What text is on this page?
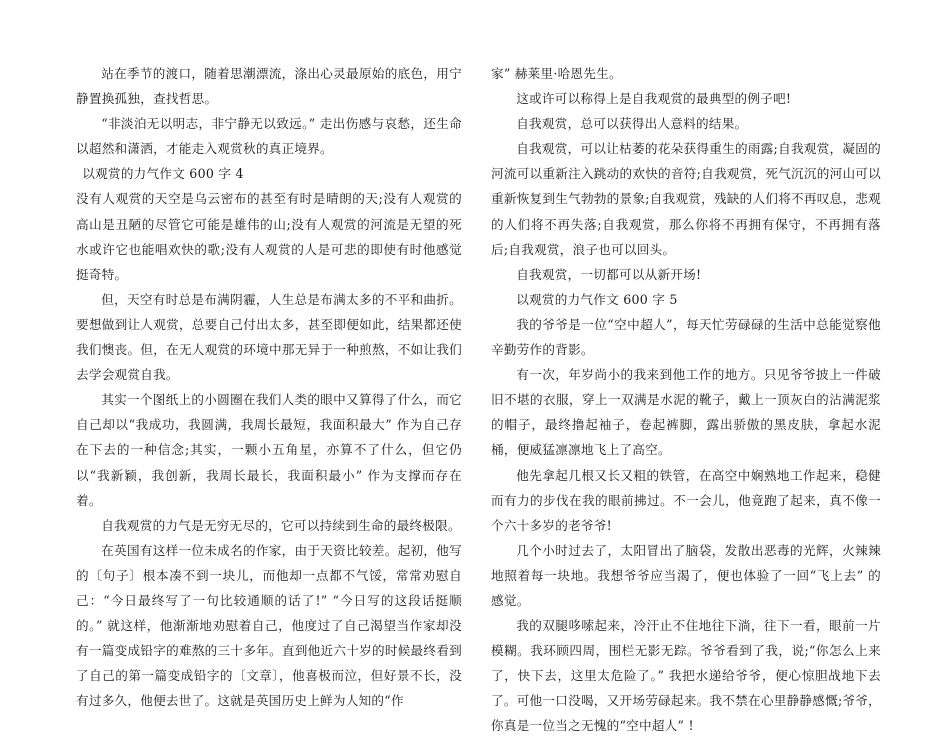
站在季节的渡口，随着思潮漂流，涤出心灵最原始的底色，用宁静置换孤独，查找哲思。

“非淡泊无以明志，非宁静无以致远。” 走出伤感与哀愁，还生命以超然和潇洒，才能走入观赏秋的真正境界。

以观赏的力气作文 600 字 4

没有人观赏的天空是乌云密布的甚至有时是晴朗的天;没有人观赏的高山是丑陋的尽管它可能是雄伟的山;没有人观赏的河流是无望的死水或许它也能唱欢快的歌;没有人观赏的人是可悲的即使有时他感觉挺奇特。

但，天空有时总是布满阴霾，人生总是布满太多的不平和曲折。要想做到让人观赏，总要自己付出太多，甚至即便如此，结果都还使我们懊丧。但，在无人观赏的环境中那无异于一种煎熬，不如让我们去学会观赏自我。

其实一个图纸上的小圆圈在我们人类的眼中又算得了什么，而它自己却以“我成功，我圆满，我周长最短，我面积最大” 作为自己存在下去的一种信念;其实，一颗小五角星，亦算不了什么，但它仍以“我新颖，我创新，我周长最长，我面积最小” 作为支撑而存在着。

自我观赏的力气是无穷无尽的，它可以持续到生命的最终极限。

在英国有这样一位未成名的作家，由于天资比较差。起初，他写的〔句子〕根本凑不到一块儿，而他却一点都不气馁，常常劝慰自己：“今日最终写了一句比较通顺的话了!” “今日写的这段话挺顺的。” 就这样，他渐渐地劝慰着自己，他度过了自己渴望当作家却没有一篇变成铅字的难熬的三十多年。直到他近六十岁的时候最终看到了自己的第一篇变成铅字的〔文章〕，他喜极而泣，但好景不长，没有过多久，他便去世了。这就是英国历史上鲜为人知的“作

家” 赫莱里·哈恩先生。

这或许可以称得上是自我观赏的最典型的例子吧!

自我观赏，总可以获得出人意料的结果。

自我观赏，可以让枯萎的花朵获得重生的雨露;自我观赏，凝固的河流可以重新注入跳动的欢快的音符;自我观赏，死气沉沉的河山可以重新恢复到生气勃勃的景象;自我观赏，残缺的人们将不再叹息，悲观的人们将不再失落;自我观赏，那么你将不再拥有保守，不再拥有落后;自我观赏，浪子也可以回头。

自我观赏，一切都可以从新开场!

以观赏的力气作文 600 字 5

我的爷爷是一位“空中超人”，每天忙劳碌碌的生活中总能觉察他辛勤劳作的背影。

有一次，年岁尚小的我来到他工作的地方。只见爷爷披上一件破旧不堪的衣服，穿上一双满是水泥的靴子，戴上一顶灰白的沾满泥浆的帽子，最终撸起袖子，卷起裤脚，露出骄傲的黑皮肤，拿起水泥桶，便威猛凛凛地飞上了高空。

他先拿起几根又长又粗的铁管，在高空中娴熟地工作起来，稳健而有力的步伐在我的眼前拂过。不一会儿，他竟跑了起来，真不像一个六十多岁的老爷爷!

几个小时过去了，太阳冒出了脑袋，发散出恶毒的光辉，火辣辣地照着每一块地。我想爷爷应当渴了，便也体验了一回“飞上去” 的感觉。

我的双腿哆嗦起来，冷汗止不住地往下淌，往下一看，眼前一片模糊。我环顾四周，围栏无影无踪。爷爷看到了我，说;“你怎么上来了，快下去，这里太危险了。” 我把水递给爷爷，便心惊胆战地下去了。可他一口没喝，又开场劳碌起来。我不禁在心里静静感慨;爷爷，你真是一位当之无愧的“空中超人” !
